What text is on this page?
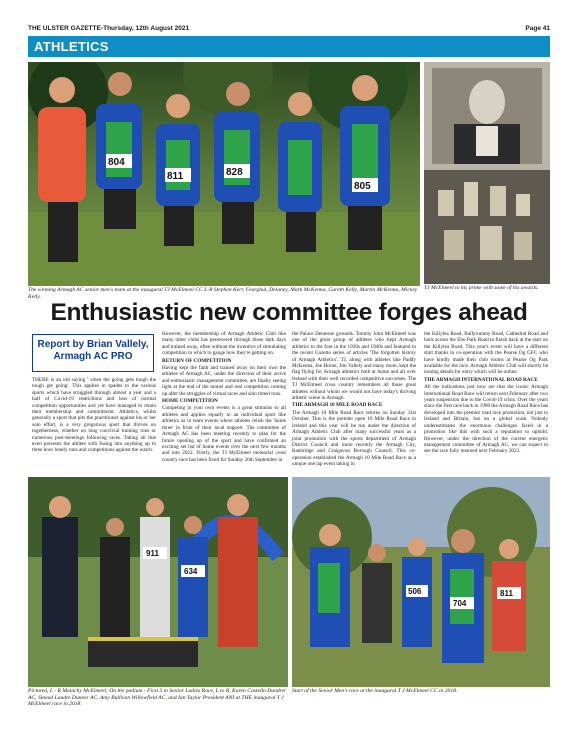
THE ULSTER GAZETTE-Thursday, 12th August 2021	Page 41
ATHLETICS
804
811	828
805
The winning Armagh AC senior men's team at the inaugural TJ McElmeel CC L-R Stephen Kerr, Fearghal, Delaney, Mark McKenna, Gareth Kelly, Martin McKenna, Mickey Kelly.
TJ McElmeel to his prime with some of his awards.
Enthusiastic new committee forges ahead
Report by Brian Vallely,
Armagh AC PRO

THERE is an old saying ' when the going gets tough the tough get going'. This applies in spades to the various sports which have struggled through almost a year and a half of Covid-19 restrictions and loss of normal competition opportunities and yet have managed to retain their membership and commitment. Athletics, whilst generally a sport that pits the practitioner against his or her solo effort, is a very gregarious sport that thrives on togetherness, whether on long convivial training runs or numerous post-meetings following races. Taking all that even prevents the athlete with fusing into anything up to three hour lonely runs and competitions against the watch.

However, the membership of Armagh Athletic Club like many other clubs has persevered through those dark days and trained away, often without the incentive of stimulating competition in which to gauge how they're getting on.

RETURN OF COMPETITION

Having kept the faith and trained away on their own the athletes of Armagh AC, under the direction of their active and enthusiastic management committee, are finally seeing light at the end of the tunnel and real competition coming up after the struggles of virtual races and solo timed runs.

HOME COMPETITION

Competing in your own events is a great stimulus to all athletes and applies equally to an individual sport like athletics as to team events where athletes relish the 'home three' in front of their local support. The committee of Armagh AC has been meeting recently to plan for the future opening up of the sport and have confirmed an exciting set list of home events over the next few months and into 2022. Firstly, the TJ McElmeel memorial cross country race has been fixed for Sunday 26th September at

the Palace Demesne grounds. Tommy John McElmeel was one of the great group of athletes who kept Armagh athletics to the fore in the 1930s and 1940s and featured in the recent Gazette series of articles 'The forgotten history of Armagh Athletics'. TJ, along with athletes like Paddy McKenna, Joe Horan, Jim Vallely and many more, kept the flag flying for Armagh athletics both at home and all over Ireland with their well recorded competitive successes. The TJ McElmeel cross country remembers all those great athletes without whom we would not have today's thriving athletic scene in Armagh.

THE ARMAGH 10 MILE ROAD RACE

The Armagh 10 Mile Road Race returns on Sunday 31st October. This is the premier open 10 Mile Road Race in Ireland and this year will be run under the direction of Armagh Athletic Club after many successful years as a joint promotion with the sports department of Armagh District Council and more recently the Armagh City, Banbridge and Craigavon Borough Council. This co-operation established the Armagh 10 Mile Road Race as a unique one lap event taking in

the Killylea Road, Ballyrummy Road, Cathedral Road and back across the Ebo Park Road to finish back at the start on the Killylea Road. This year's event will have a different start thanks to co-operation with the Pearse Og GFC who have kindly made their club rooms at Pearse Og Park available for the race. Armagh Athletic Club will shortly be issuing details for entry which will be online.

THE ARMAGH INTERNATIONAL ROAD RACE

All the indications just now are that the iconic Armagh International Road Race will return next February after two years suspension due to the Covid-19 crisis. Over the years since the first race back in 1990 the Armagh Road Race has developed into the premier road race promotion, not just in Ireland and Britain, but on a global scale. Nobody underestimates the enormous challenges faced in a promotion like this with such a reputation to uphold. However, under the direction of the current energetic management committee of Armagh AC, we can expect to see the race fully restored next February 2022.

911
634
Pictured, L - R Malachy McElmeel; On the podium - First 3 in Senior Ladies Race, L to R, Karen Costello Dundrer AC, Sinead Laudre Duneer AC, Amy Bullivan Willowfield AC, and Ian Taylor President ANI at THE inaugural T J McElmeel race in 2018.
704
811
506
Start of the Senior Men's race at the inaugural T J McElmeel CC in 2018.
